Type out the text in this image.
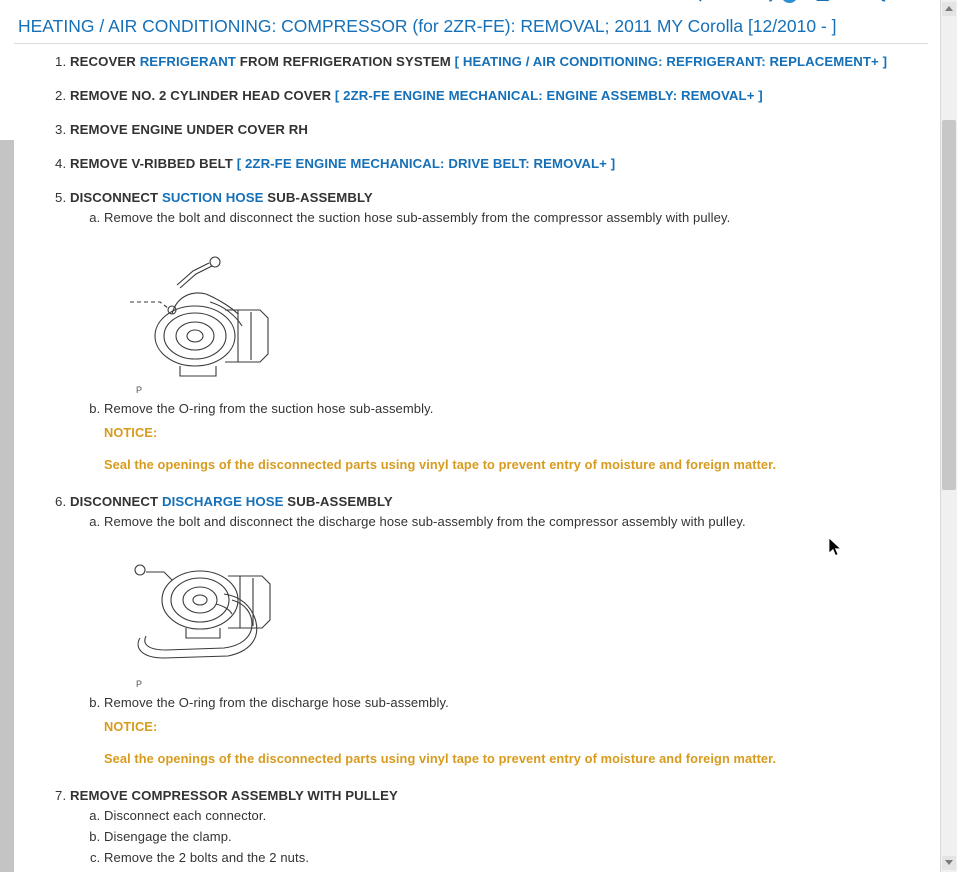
HEATING / AIR CONDITIONING: COMPRESSOR (for 2ZR-FE): REMOVAL; 2011 MY Corolla [12/2010 - ]
1. RECOVER REFRIGERANT FROM REFRIGERATION SYSTEM [ HEATING / AIR CONDITIONING: REFRIGERANT: REPLACEMENT+ ]
2. REMOVE NO. 2 CYLINDER HEAD COVER [ 2ZR-FE ENGINE MECHANICAL: ENGINE ASSEMBLY: REMOVAL+ ]
3. REMOVE ENGINE UNDER COVER RH
4. REMOVE V-RIBBED BELT [ 2ZR-FE ENGINE MECHANICAL: DRIVE BELT: REMOVAL+ ]
5. DISCONNECT SUCTION HOSE SUB-ASSEMBLY
a. Remove the bolt and disconnect the suction hose sub-assembly from the compressor assembly with pulley.
P
b. Remove the O-ring from the suction hose sub-assembly.
NOTICE:
Seal the openings of the disconnected parts using vinyl tape to prevent entry of moisture and foreign matter.
6. DISCONNECT DISCHARGE HOSE SUB-ASSEMBLY
a. Remove the bolt and disconnect the discharge hose sub-assembly from the compressor assembly with pulley.
P
b. Remove the O-ring from the discharge hose sub-assembly.
NOTICE:
Seal the openings of the disconnected parts using vinyl tape to prevent entry of moisture and foreign matter.
7. REMOVE COMPRESSOR ASSEMBLY WITH PULLEY
a. Disconnect each connector.
b. Disengage the clamp.
c. Remove the 2 bolts and the 2 nuts.
